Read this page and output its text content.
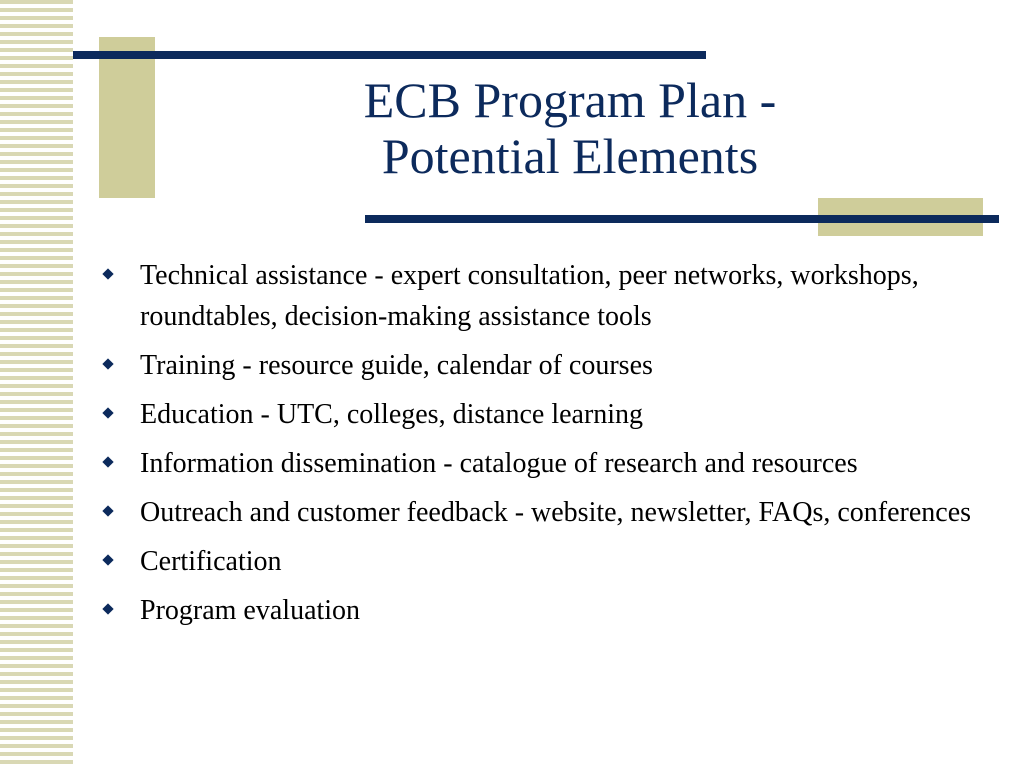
ECB Program Plan -
Potential Elements
Technical assistance - expert consultation, peer networks, workshops, roundtables, decision-making assistance tools
Training - resource guide, calendar of courses
Education - UTC, colleges, distance learning
Information dissemination - catalogue of research and resources
Outreach and customer feedback - website, newsletter, FAQs, conferences
Certification
Program evaluation
